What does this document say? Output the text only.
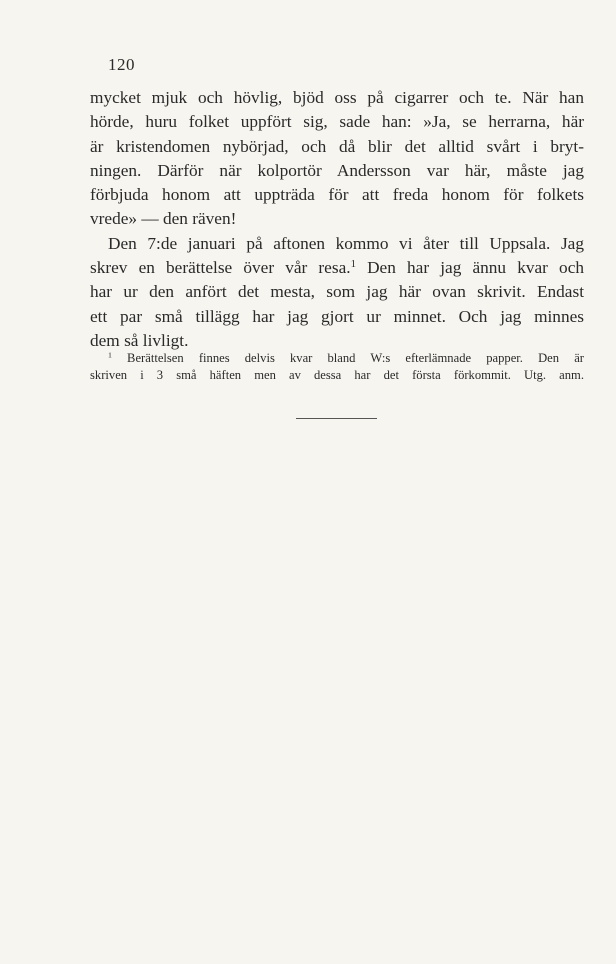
120
mycket mjuk och hövlig, bjöd oss på cigarrer och te. När han
hörde, huru folket uppfört sig, sade han: »Ja, se herrarna, här
är kristendomen nybörjad, och då blir det alltid svårt i bryt-
ningen. Därför när kolportör Andersson var här, måste jag
förbjuda honom att uppträda för att freda honom för folkets
vrede» — den räven!
Den 7:de januari på aftonen kommo vi åter till Uppsala. Jag
skrev en berättelse över vår resa.$^1$ Den har jag ännu kvar och
har ur den anfört det mesta, som jag här ovan skrivit. Endast
ett par små tillägg har jag gjort ur minnet. Och jag minnes
dem så livligt.
$^1$ Berättelsen finnes delvis kvar bland W:s efterlämnade papper. Den är
skriven i 3 små häften men av dessa har det första förkommit. Utg. anm.
